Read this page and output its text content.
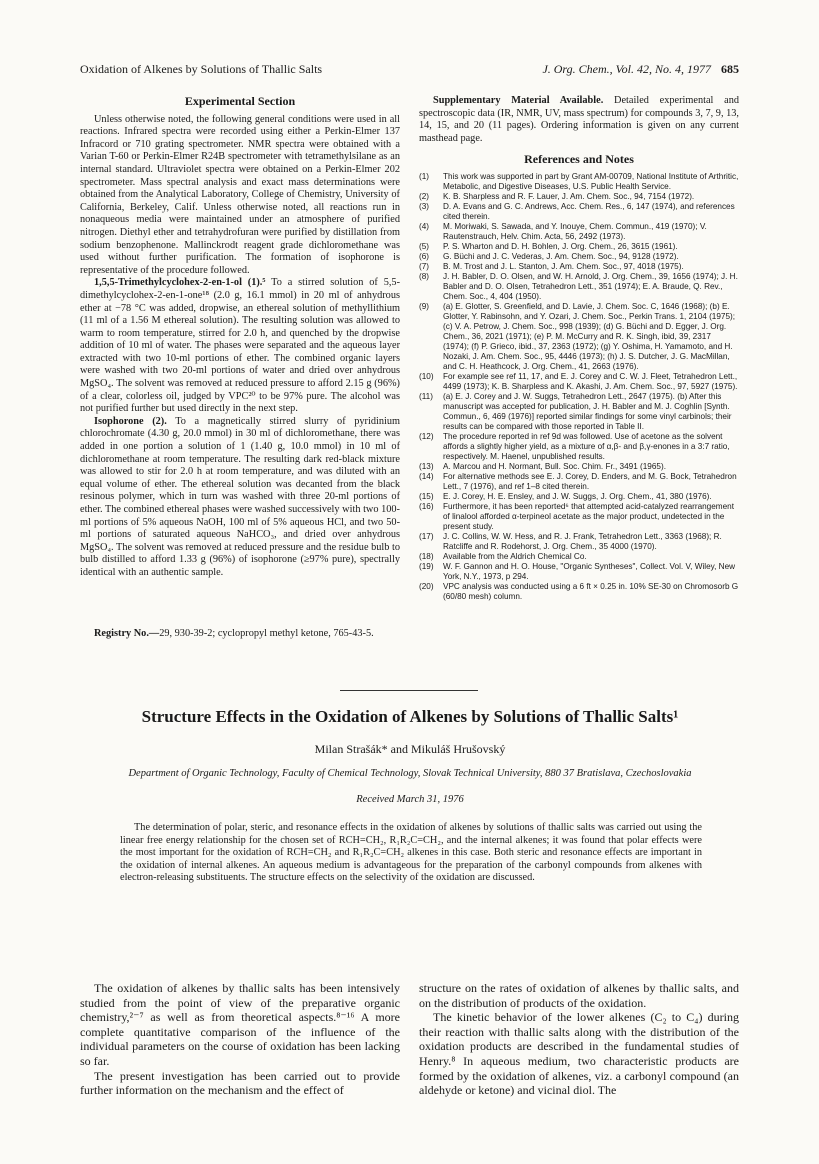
Oxidation of Alkenes by Solutions of Thallic Salts	J. Org. Chem., Vol. 42, No. 4, 1977 685
Experimental Section

Unless otherwise noted, the following general conditions were used in all reactions. Infrared spectra were recorded using either a Perkin-Elmer 137 Infracord or 710 grating spectrometer. NMR spectra were obtained with a Varian T-60 or Perkin-Elmer R24B spectrometer with tetramethylsilane as an internal standard. Ultraviolet spectra were obtained on a Perkin-Elmer 202 spectrometer. Mass spectral analysis and exact mass determinations were obtained from the Analytical Laboratory, College of Chemistry, University of California, Berkeley, Calif. Unless otherwise noted, all reactions run in nonaqueous media were maintained under an atmosphere of purified nitrogen. Diethyl ether and tetrahydrofuran were purified by distillation from sodium benzophenone. Mallinckrodt reagent grade dichloromethane was used without further purification. The formation of isophorone is representative of the procedure followed.

1,5,5-Trimethylcyclohex-2-en-1-ol (1).⁵ To a stirred solution of 5,5-dimethylcyclohex-2-en-1-one¹⁸ (2.0 g, 16.1 mmol) in 20 ml of anhydrous ether at −78 °C was added, dropwise, an ethereal solution of methyllithium (11 ml of a 1.56 M ethereal solution). The resulting solution was allowed to warm to room temperature, stirred for 2.0 h, and quenched by the dropwise addition of 10 ml of water. The phases were separated and the aqueous layer extracted with two 10-ml portions of ether. The combined organic layers were washed with two 20-ml portions of water and dried over anhydrous MgSO₄. The solvent was removed at reduced pressure to afford 2.15 g (96%) of a clear, colorless oil, judged by VPC²⁰ to be 97% pure. The alcohol was not purified further but used directly in the next step.

Isophorone (2). To a magnetically stirred slurry of pyridinium chlorochromate (4.30 g, 20.0 mmol) in 30 ml of dichloromethane, there was added in one portion a solution of 1 (1.40 g, 10.0 mmol) in 10 ml of dichloromethane at room temperature. The resulting dark red-black mixture was allowed to stir for 2.0 h at room temperature, and was diluted with an equal volume of ether. The ethereal solution was decanted from the black resinous polymer, which in turn was washed with three 20-ml portions of ether. The combined ethereal phases were washed successively with two 100-ml portions of 5% aqueous NaOH, 100 ml of 5% aqueous HCl, and two 50-ml portions of saturated aqueous NaHCO₃, and dried over anhydrous MgSO₄. The solvent was removed at reduced pressure and the residue bulb to bulb distilled to afford 1.33 g (96%) of isophorone (≥97% pure), spectrally identical with an authentic sample.

Registry No.—29, 930-39-2; cyclopropyl methyl ketone, 765-43-5.

Supplementary Material Available. Detailed experimental and spectroscopic data (IR, NMR, UV, mass spectrum) for compounds 3, 7, 9, 13, 14, 15, and 20 (11 pages). Ordering information is given on any current masthead page.

References and Notes
(1) This work was supported in part by Grant AM-00709, National Institute of Arthritic, Metabolic, and Digestive Diseases, U.S. Public Health Service.
(2) K. B. Sharpless and R. F. Lauer, J. Am. Chem. Soc., 94, 7154 (1972).
(3) D. A. Evans and G. C. Andrews, Acc. Chem. Res., 6, 147 (1974), and references cited therein.
(4) M. Moriwaki, S. Sawada, and Y. Inouye, Chem. Commun., 419 (1970); V. Rautenstrauch, Helv. Chim. Acta, 56, 2492 (1973).
(5) P. S. Wharton and D. H. Bohlen, J. Org. Chem., 26, 3615 (1961).
(6) G. Büchi and J. C. Vederas, J. Am. Chem. Soc., 94, 9128 (1972).
(7) B. M. Trost and J. L. Stanton, J. Am. Chem. Soc., 97, 4018 (1975).
(8) J. H. Babler, D. O. Olsen, and W. H. Arnold, J. Org. Chem., 39, 1656 (1974); J. H. Babler and D. O. Olsen, Tetrahedron Lett., 351 (1974); E. A. Braude, Q. Rev., Chem. Soc., 4, 404 (1950).
(9) (a) E. Glotter, S. Greenfield, and D. Lavie, J. Chem. Soc. C, 1646 (1968); (b) E. Glotter, Y. Rabinsohn, and Y. Ozari, J. Chem. Soc., Perkin Trans. 1, 2104 (1975); (c) V. A. Petrow, J. Chem. Soc., 998 (1939); (d) G. Büchi and D. Egger, J. Org. Chem., 36, 2021 (1971); (e) P. M. McCurry and R. K. Singh, ibid, 39, 2317 (1974); (f) P. Grieco, ibid., 37, 2363 (1972); (g) Y. Oshima, H. Yamamoto, and H. Nozaki, J. Am. Chem. Soc., 95, 4446 (1973); (h) J. S. Dutcher, J. G. MacMillan, and C. H. Heathcock, J. Org. Chem., 41, 2663 (1976).
(10) For example see ref 11, 17, and E. J. Corey and C. W. J. Fleet, Tetrahedron Lett., 4499 (1973); K. B. Sharpless and K. Akashi, J. Am. Chem. Soc., 97, 5927 (1975).
(11) (a) E. J. Corey and J. W. Suggs, Tetrahedron Lett., 2647 (1975). (b) After this manuscript was accepted for publication, J. H. Babler and M. J. Coghlin [Synth. Commun., 6, 469 (1976)] reported similar findings for some vinyl carbinols; their results can be compared with those reported in Table II.
(12) The procedure reported in ref 9d was followed. Use of acetone as the solvent affords a slightly higher yield, as a mixture of α,β- and β,γ-enones in a 3:7 ratio, respectively. M. Haenel, unpublished results.
(13) A. Marcou and H. Normant, Bull. Soc. Chim. Fr., 3491 (1965).
(14) For alternative methods see E. J. Corey, D. Enders, and M. G. Bock, Tetrahedron Lett., 7 (1976), and ref 1–8 cited therein.
(15) E. J. Corey, H. E. Ensley, and J. W. Suggs, J. Org. Chem., 41, 380 (1976).
(16) Furthermore, it has been reported⁶ that attempted acid-catalyzed rearrangement of linalool afforded α-terpineol acetate as the major product, undetected in the present study.
(17) J. C. Collins, W. W. Hess, and R. J. Frank, Tetrahedron Lett., 3363 (1968); R. Ratcliffe and R. Rodehorst, J. Org. Chem., 35 4000 (1970).
(18) Available from the Aldrich Chemical Co.
(19) W. F. Gannon and H. O. House, "Organic Syntheses", Collect. Vol. V, Wiley, New York, N.Y., 1973, p 294.
(20) VPC analysis was conducted using a 6 ft × 0.25 in. 10% SE-30 on Chromosorb G (60/80 mesh) column.
Structure Effects in the Oxidation of Alkenes by Solutions of Thallic Salts¹
Milan Strašák* and Mikuláš Hrušovský
Department of Organic Technology, Faculty of Chemical Technology, Slovak Technical University, 880 37 Bratislava, Czechoslovakia
Received March 31, 1976
The determination of polar, steric, and resonance effects in the oxidation of alkenes by solutions of thallic salts was carried out using the linear free energy relationship for the chosen set of RCH=CH₂, R₁R₂C=CH₂, and the internal alkenes; it was found that polar effects were the most important for the oxidation of RCH=CH₂ and R₁R₂C=CH₂ alkenes in this case. Both steric and resonance effects are important in the oxidation of internal alkenes. An aqueous medium is advantageous for the preparation of the carbonyl compounds from alkenes with electron-releasing substituents. The structure effects on the selectivity of the oxidation are discussed.

The oxidation of alkenes by thallic salts has been intensively studied from the point of view of the preparative organic chemistry,²⁻⁷ as well as from theoretical aspects.⁸⁻¹⁶ A more complete quantitative comparison of the influence of the individual parameters on the course of oxidation has been lacking so far.

The present investigation has been carried out to provide further information on the mechanism and the effect of

structure on the rates of oxidation of alkenes by thallic salts, and on the distribution of products of the oxidation.

The kinetic behavior of the lower alkenes (C₂ to C₄) during their reaction with thallic salts along with the distribution of the oxidation products are described in the fundamental studies of Henry.⁸ In aqueous medium, two characteristic products are formed by the oxidation of alkenes, viz. a carbonyl compound (an aldehyde or ketone) and vicinal diol. The
